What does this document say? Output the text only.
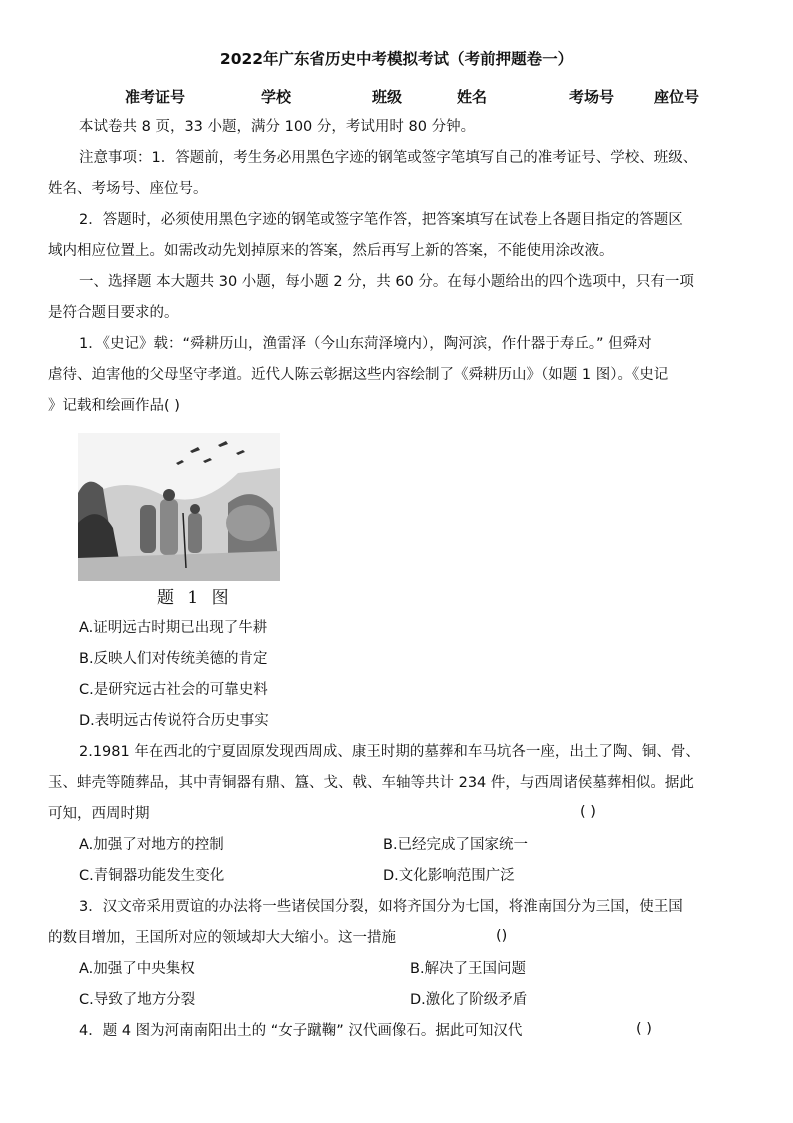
2022年广东省历史中考模拟考试（考前押题卷一）
准考证号	学校	班级	姓名	考场号	座位号
本试卷共 8 页，33 小题，满分 100 分，考试用时 80 分钟。
注意事项：1．答题前，考生务必用黑色字迹的钢笔或签字笔填写自己的准考证号、学校、班级、
姓名、考场号、座位号。
2．答题时，必须使用黑色字迹的钢笔或签字笔作答，把答案填写在试卷上各题目指定的答题区
域内相应位置上。如需改动先划掉原来的答案，然后再写上新的答案，不能使用涂改液。
一、选择题 本大题共 30 小题，每小题 2 分，共 60 分。在每小题给出的四个选项中，只有一项
是符合题目要求的。
1．《史记》载：“舜耕历山，渔雷泽（今山东菏泽境内），陶河滨，作什器于寿丘。” 但舜对
虐待、迫害他的父母坚守孝道。近代人陈云彰据这些内容绘制了《舜耕历山》（如题 1 图）。《史记
》记载和绘画作品( )
题 1 图
A.证明远古时期已出现了牛耕
B.反映人们对传统美德的肯定
C.是研究远古社会的可靠史料
D.表明远古传说符合历史事实
2.1981 年在西北的宁夏固原发现西周成、康王时期的墓葬和车马坑各一座，出土了陶、铜、骨、
玉、蚌壳等随葬品，其中青铜器有鼎、簋、戈、戟、车轴等共计 234 件，与西周诸侯墓葬相似。据此
可知，西周时期	( )
A.加强了对地方的控制	B.已经完成了国家统一
C.青铜器功能发生变化	D.文化影响范围广泛
3．汉文帝采用贾谊的办法将一些诸侯国分裂，如将齐国分为七国，将淮南国分为三国，使王国
的数目增加，王国所对应的领域却大大缩小。这一措施	()
A.加强了中央集权	B.解决了王国问题
C.导致了地方分裂	D.激化了阶级矛盾
4．题 4 图为河南南阳出土的 “女子蹴鞠” 汉代画像石。据此可知汉代	( )
